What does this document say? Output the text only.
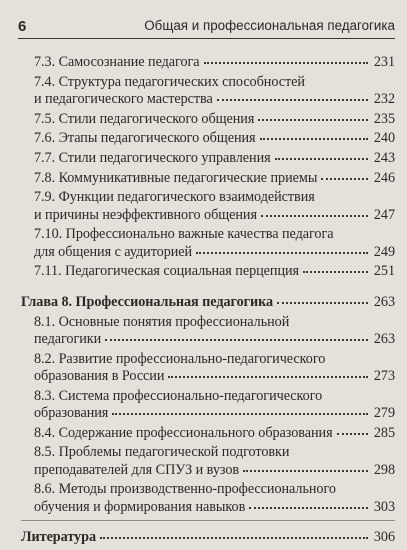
6	Общая и профессиональная педагогика
7.3. Самосознание педагога	231
7.4. Структура педагогических способностей
и педагогического мастерства	232
7.5. Стили педагогического общения	235
7.6. Этапы педагогического общения	240
7.7. Стили педагогического управления	243
7.8. Коммуникативные педагогические приемы	246
7.9. Функции педагогического взаимодействия
и причины неэффективного общения	247
7.10. Профессионально важные качества педагога
для общения с аудиторией	249
7.11. Педагогическая социальная перцепция	251
Глава 8. Профессиональная педагогика	263
8.1. Основные понятия профессиональной
педагогики	263
8.2. Развитие профессионально-педагогического
образования в России	273
8.3. Система профессионально-педагогического
образования	279
8.4. Содержание профессионального образования	285
8.5. Проблемы педагогической подготовки
преподавателей для СПУЗ и вузов	298
8.6. Методы производственно-профессионального
обучения и формирования навыков	303
Литература	306
